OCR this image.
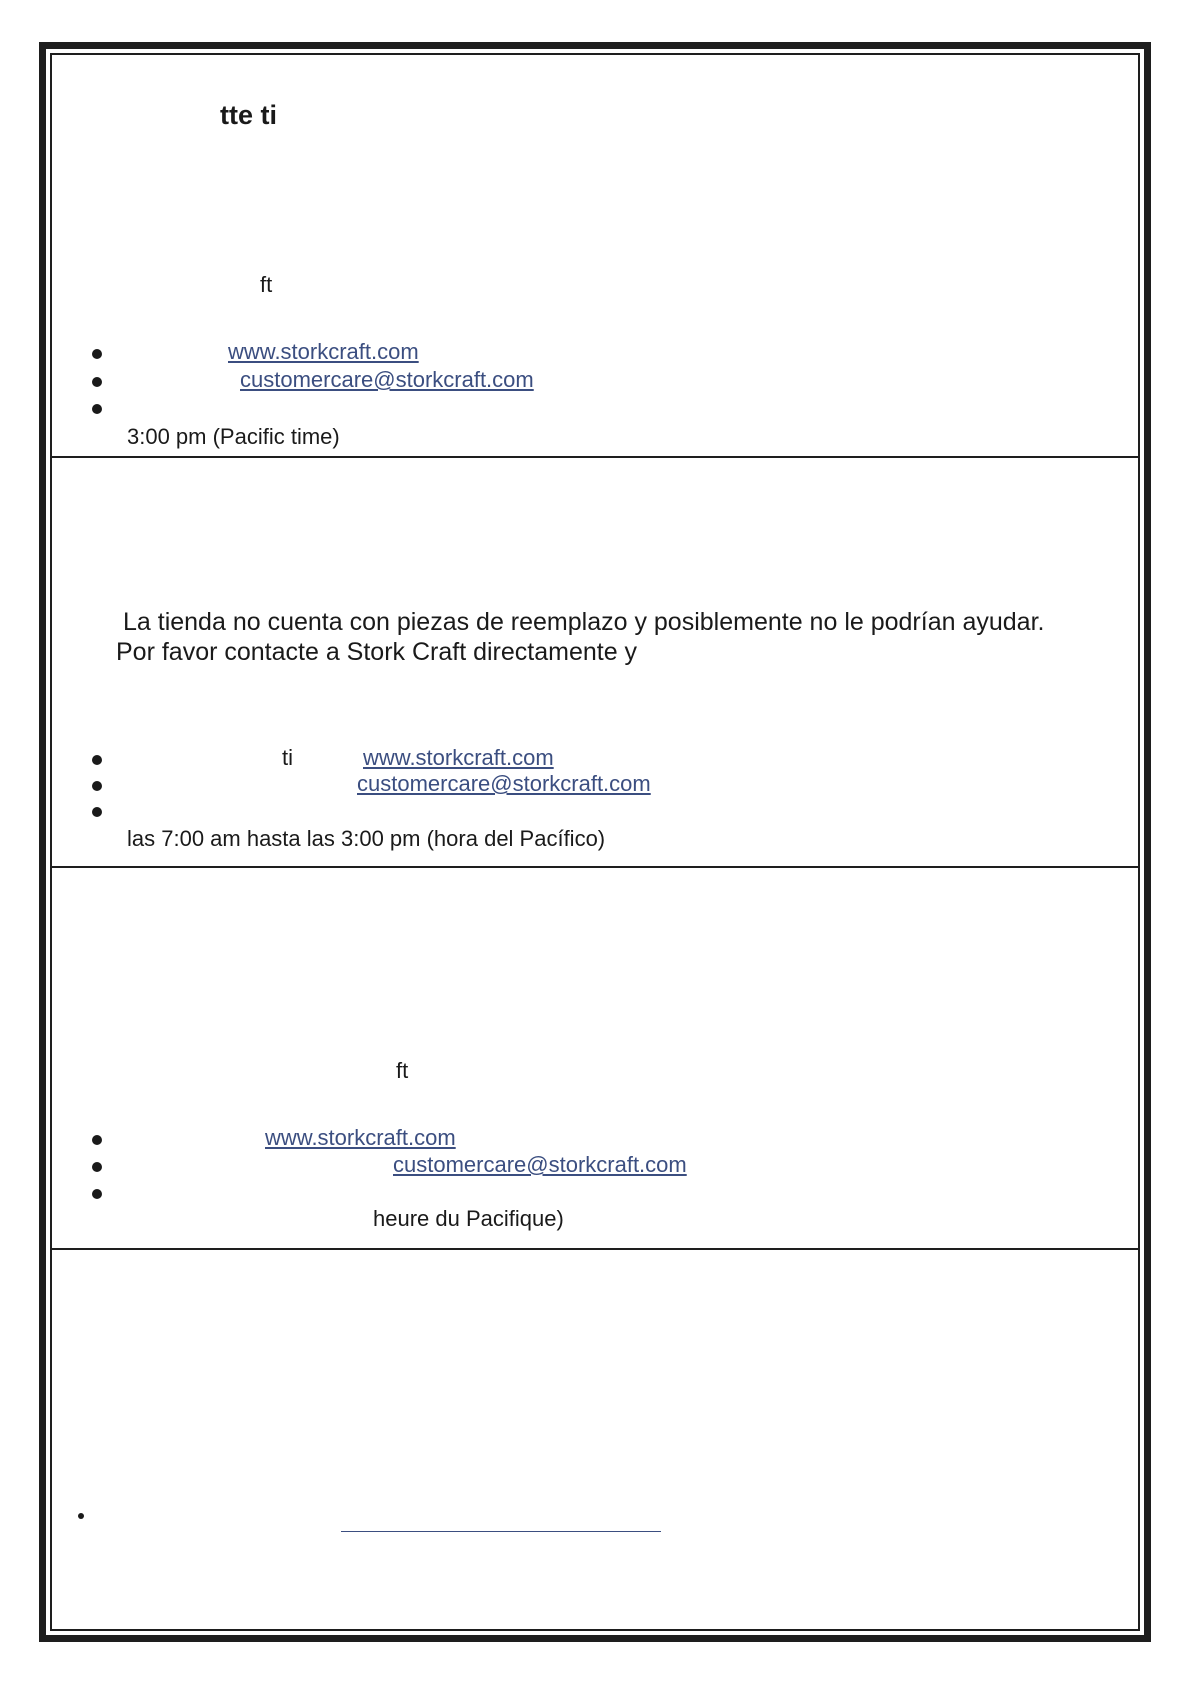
tte ti
ft
www.storkcraft.com
customercare@storkcraft.com
3:00 pm (Pacific time)
La tienda no cuenta con piezas de reemplazo y posiblemente no le podrían ayudar.
Por favor contacte a Stork Craft directamente y
ti	www.storkcraft.com
customercare@storkcraft.com
las 7:00 am hasta las 3:00 pm (hora del Pacífico)
ft
www.storkcraft.com
customercare@storkcraft.com
heure du Pacifique)
